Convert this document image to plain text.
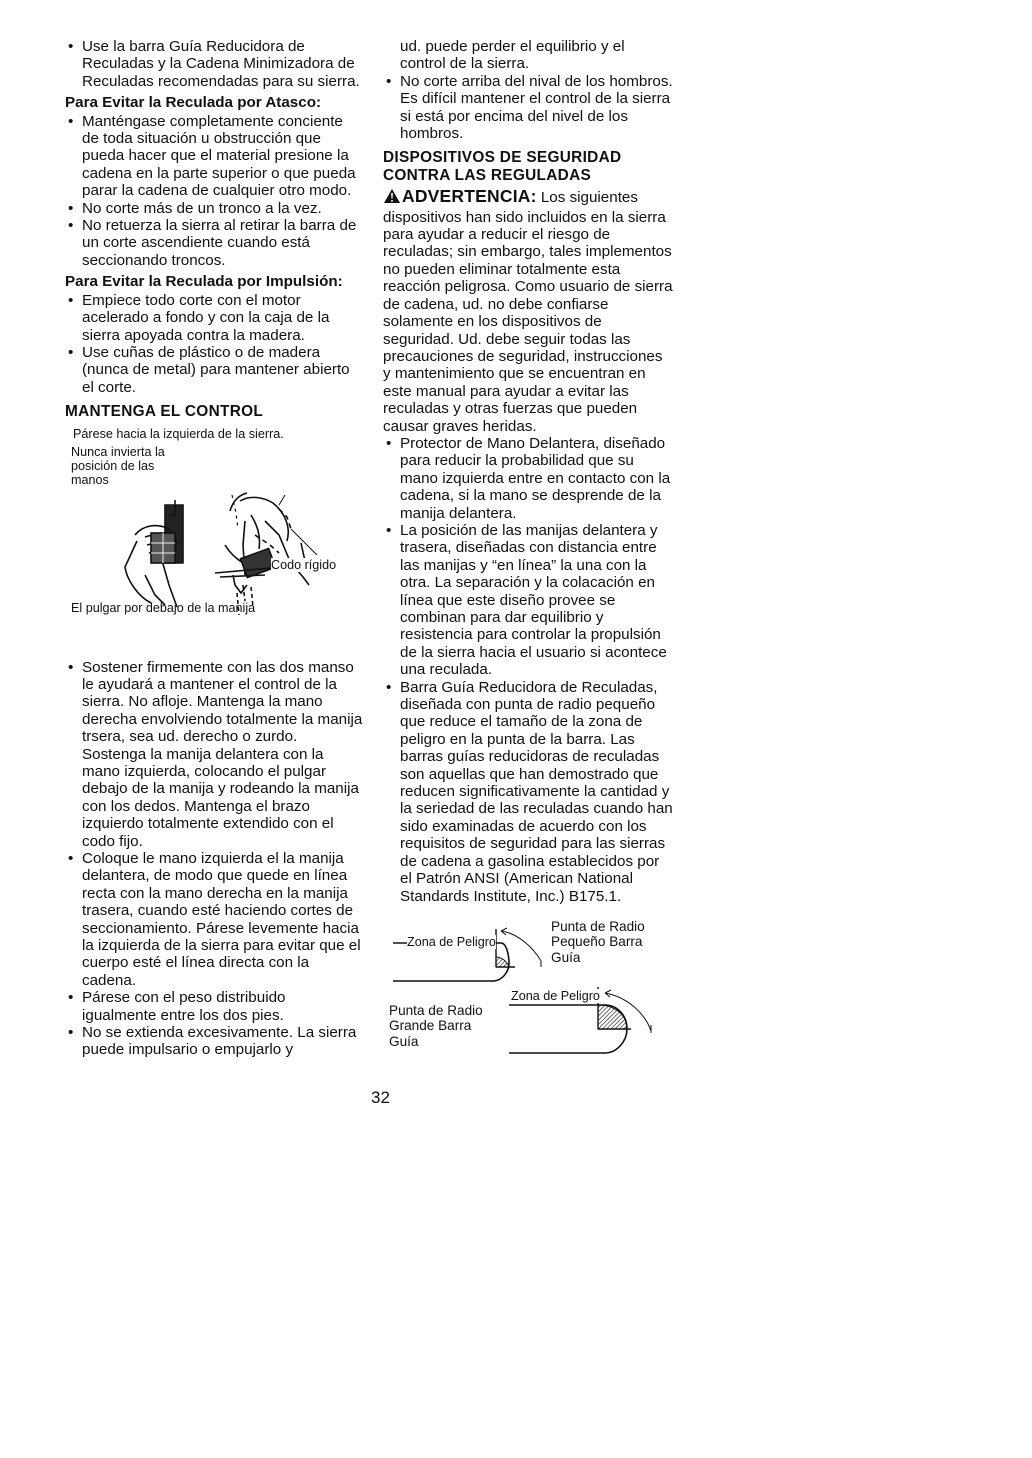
• Use la barra Guía Reducidora de Reculadas y la Cadena Minimizadora de Reculadas recomendadas para su sierra.
Para Evitar la Reculada por Atasco:
• Manténgase completamente conciente de toda situación u obstrucción que pueda hacer que el material presione la cadena en la parte superior o que pueda parar la cadena de cualquier otro modo.
• No corte más de un tronco a la vez.
• No retuerza la sierra al retirar la barra de un corte ascendiente cuando está seccionando troncos.
Para Evitar la Reculada por Impulsión:
• Empiece todo corte con el motor acelerado a fondo y con la caja de la sierra apoyada contra la madera.
• Use cuñas de plástico o de madera (nunca de metal) para mantener abierto el corte.
MANTENGA EL CONTROL
Párese hacia la izquierda de la sierra.
Nunca invierta la posición de las manos
Codo rígido
El pulgar por debajo de la manija
• Sostener firmemente con las dos manso le ayudará a mantener el control de la sierra. No afloje. Mantenga la mano derecha envolviendo totalmente la manija trsera, sea ud. derecho o zurdo. Sostenga la manija delantera con la mano izquierda, colocando el pulgar debajo de la manija y rodeando la manija con los dedos. Mantenga el brazo izquierdo totalmente extendido con el codo fijo.
• Coloque le mano izquierda el la manija delantera, de modo que quede en línea recta con la mano derecha en la manija trasera, cuando esté haciendo cortes de seccionamiento. Párese levemente hacia la izquierda de la sierra para evitar que el cuerpo esté el línea directa con la cadena.
• Párese con el peso distribuido igualmente entre los dos pies.
• No se extienda excesivamente. La sierra puede impulsario o empujarlo y

ud. puede perder el equilibrio y el control de la sierra.

• No corte arriba del nival de los hombros. Es difícil mantener el control de la sierra si está por encima del nivel de los hombros.
DISPOSITIVOS DE SEGURIDAD CONTRA LAS REGULADAS

ADVERTENCIA: Los siguientes dispositivos han sido incluidos en la sierra para ayudar a reducir el riesgo de reculadas; sin embargo, tales implementos no pueden eliminar totalmente esta reacción peligrosa. Como usuario de sierra de cadena, ud. no debe confiarse solamente en los dispositivos de seguridad. Ud. debe seguir todas las precauciones de seguridad, instrucciones y mantenimiento que se encuentran en este manual para ayudar a evitar las reculadas y otras fuerzas que pueden causar graves heridas.

• Protector de Mano Delantera, diseñado para reducir la probabilidad que su mano izquierda entre en contacto con la cadena, si la mano se desprende de la manija delantera.
• La posición de las manijas delantera y trasera, diseñadas con distancia entre las manijas y “en línea” la una con la otra. La separación y la colacación en línea que este diseño provee se combinan para dar equilibrio y resistencia para controlar la propulsión de la sierra hacia el usuario si acontece una reculada.
• Barra Guía Reducidora de Reculadas, diseñada con punta de radio pequeño que reduce el tamaño de la zona de peligro en la punta de la barra. Las barras guías reducidoras de reculadas son aquellas que han demostrado que reducen significativamente la cantidad y la seriedad de las reculadas cuando han sido examinadas de acuerdo con los requisitos de seguridad para las sierras de cadena a gasolina establecidos por el Patrón ANSI (American National Standards Institute, Inc.) B175.1.
Zona de Peligro
Punta de Radio Pequeño Barra Guía
Zona de Peligro
Punta de Radio Grande Barra Guía
32
